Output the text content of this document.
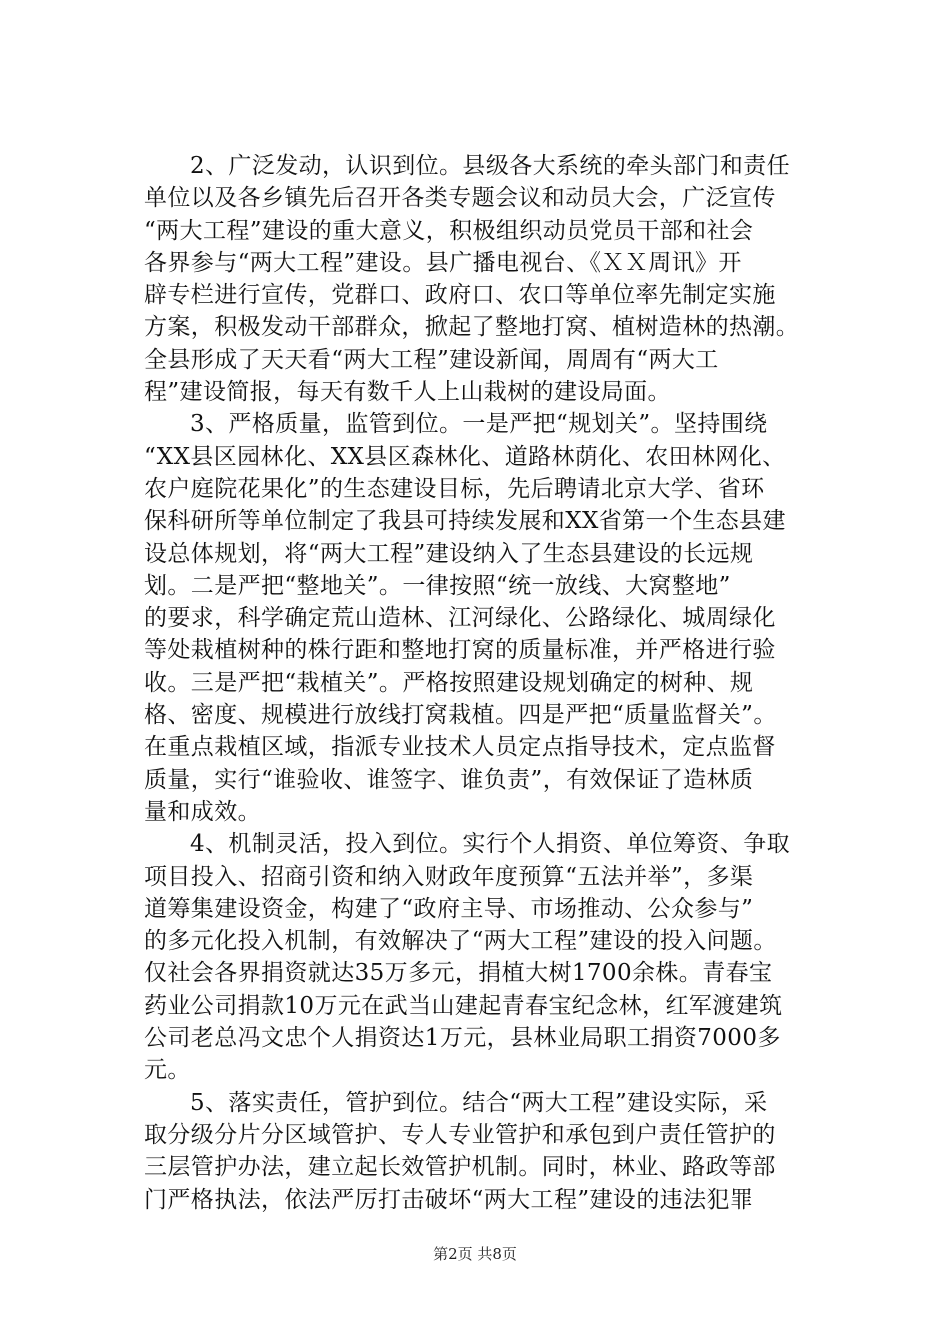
2、广泛发动，认识到位。县级各大系统的牵头部门和责任
单位以及各乡镇先后召开各类专题会议和动员大会，广泛宣传
“两大工程”建设的重大意义，积极组织动员党员干部和社会
各界参与“两大工程”建设。县广播电视台、《ＸＸ周讯》开
辟专栏进行宣传，党群口、政府口、农口等单位率先制定实施
方案，积极发动干部群众，掀起了整地打窝、植树造林的热潮。
全县形成了天天看“两大工程”建设新闻，周周有“两大工
程”建设简报，每天有数千人上山栽树的建设局面。
3、严格质量，监管到位。一是严把“规划关”。坚持围绕
“XX县区园林化、XX县区森林化、道路林荫化、农田林网化、
农户庭院花果化”的生态建设目标，先后聘请北京大学、省环
保科研所等单位制定了我县可持续发展和XX省第一个生态县建
设总体规划，将“两大工程”建设纳入了生态县建设的长远规
划。二是严把“整地关”。一律按照“统一放线、大窝整地”
的要求，科学确定荒山造林、江河绿化、公路绿化、城周绿化
等处栽植树种的株行距和整地打窝的质量标准，并严格进行验
收。三是严把“栽植关”。严格按照建设规划确定的树种、规
格、密度、规模进行放线打窝栽植。四是严把“质量监督关”。
在重点栽植区域，指派专业技术人员定点指导技术，定点监督
质量，实行“谁验收、谁签字、谁负责”，有效保证了造林质
量和成效。
4、机制灵活，投入到位。实行个人捐资、单位筹资、争取
项目投入、招商引资和纳入财政年度预算“五法并举”，多渠
道筹集建设资金，构建了“政府主导、市场推动、公众参与”
的多元化投入机制，有效解决了“两大工程”建设的投入问题。
仅社会各界捐资就达35万多元，捐植大树1700余株。青春宝
药业公司捐款10万元在武当山建起青春宝纪念林，红军渡建筑
公司老总冯文忠个人捐资达1万元，县林业局职工捐资7000多
元。
5、落实责任，管护到位。结合“两大工程”建设实际，采
取分级分片分区域管护、专人专业管护和承包到户责任管护的
三层管护办法，建立起长效管护机制。同时，林业、路政等部
门严格执法，依法严厉打击破坏“两大工程”建设的违法犯罪
第2页 共8页
